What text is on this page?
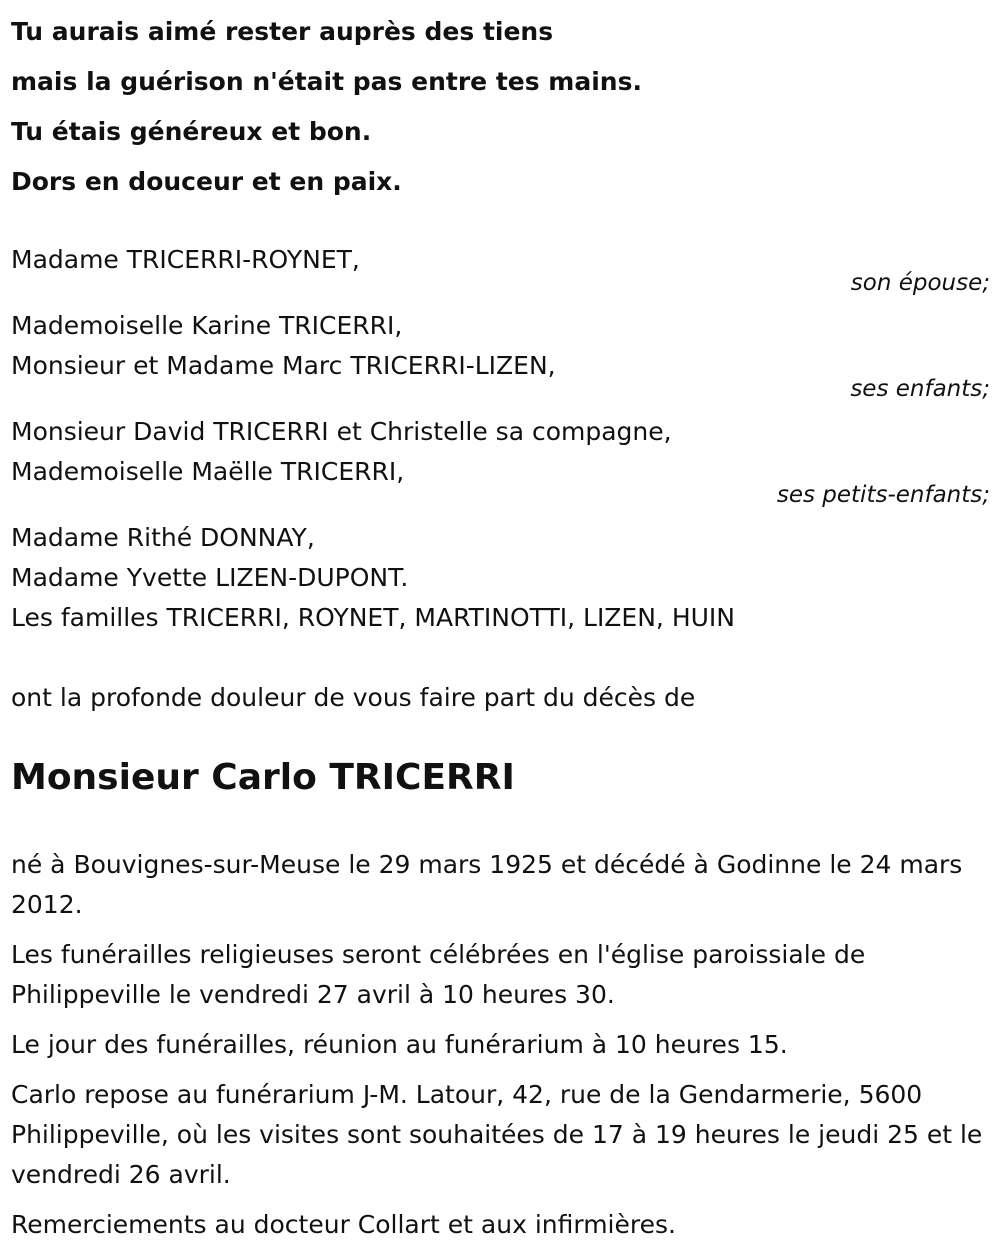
Tu aurais aimé rester auprès des tiens
mais la guérison n'était pas entre tes mains.
Tu étais généreux et bon.
Dors en douceur et en paix.
Madame TRICERRI-ROYNET,
son épouse;
Mademoiselle Karine TRICERRI,
Monsieur et Madame Marc TRICERRI-LIZEN,
ses enfants;
Monsieur David TRICERRI et Christelle sa compagne,
Mademoiselle Maëlle TRICERRI,
ses petits-enfants;
Madame Rithé DONNAY,
Madame Yvette LIZEN-DUPONT.
Les familles TRICERRI, ROYNET, MARTINOTTI, LIZEN, HUIN
ont la profonde douleur de vous faire part du décès de
Monsieur Carlo TRICERRI

né à Bouvignes-sur-Meuse le 29 mars 1925 et décédé à Godinne le 24 mars 2012.

Les funérailles religieuses seront célébrées en l'église paroissiale de Philippeville le vendredi 27 avril à 10 heures 30.

Le jour des funérailles, réunion au funérarium à 10 heures 15.

Carlo repose au funérarium J-M. Latour, 42, rue de la Gendarmerie, 5600 Philippeville, où les visites sont souhaitées de 17 à 19 heures le jeudi 25 et le vendredi 26 avril.

Remerciements au docteur Collart et aux infirmières.
